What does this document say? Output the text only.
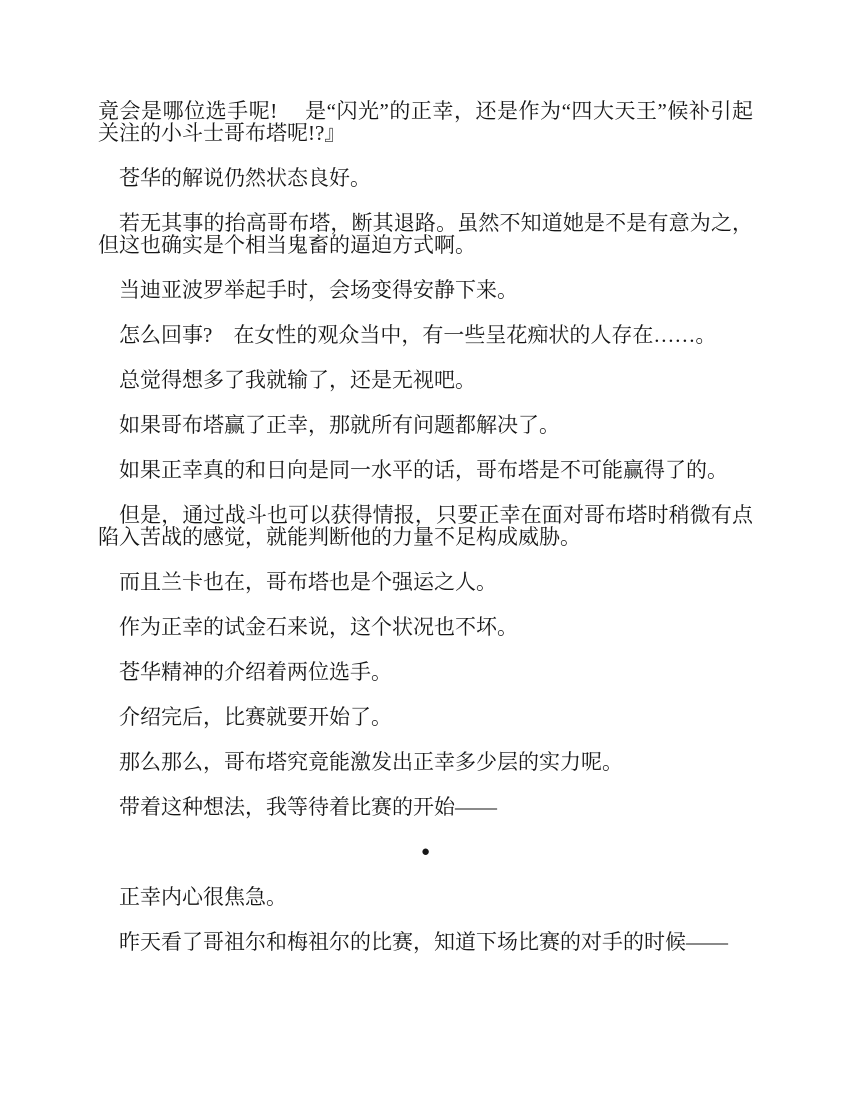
竟会是哪位选手呢!　 是“闪光”的正幸，还是作为“四大天王”候补引起关注的小斗士哥布塔呢!?』

苍华的解说仍然状态良好。

若无其事的抬高哥布塔，断其退路。虽然不知道她是不是有意为之，但这也确实是个相当鬼畜的逼迫方式啊。

当迪亚波罗举起手时，会场变得安静下来。

怎么回事?　在女性的观众当中，有一些呈花痴状的人存在……。

总觉得想多了我就输了，还是无视吧。

如果哥布塔赢了正幸，那就所有问题都解决了。

如果正幸真的和日向是同一水平的话，哥布塔是不可能赢得了的。

但是，通过战斗也可以获得情报，只要正幸在面对哥布塔时稍微有点陷入苦战的感觉，就能判断他的力量不足构成威胁。

而且兰卡也在，哥布塔也是个强运之人。

作为正幸的试金石来说，这个状况也不坏。

苍华精神的介绍着两位选手。

介绍完后，比赛就要开始了。

那么那么，哥布塔究竟能激发出正幸多少层的实力呢。

带着这种想法，我等待着比赛的开始——

●

正幸内心很焦急。

昨天看了哥祖尔和梅祖尔的比赛，知道下场比赛的对手的时候——
